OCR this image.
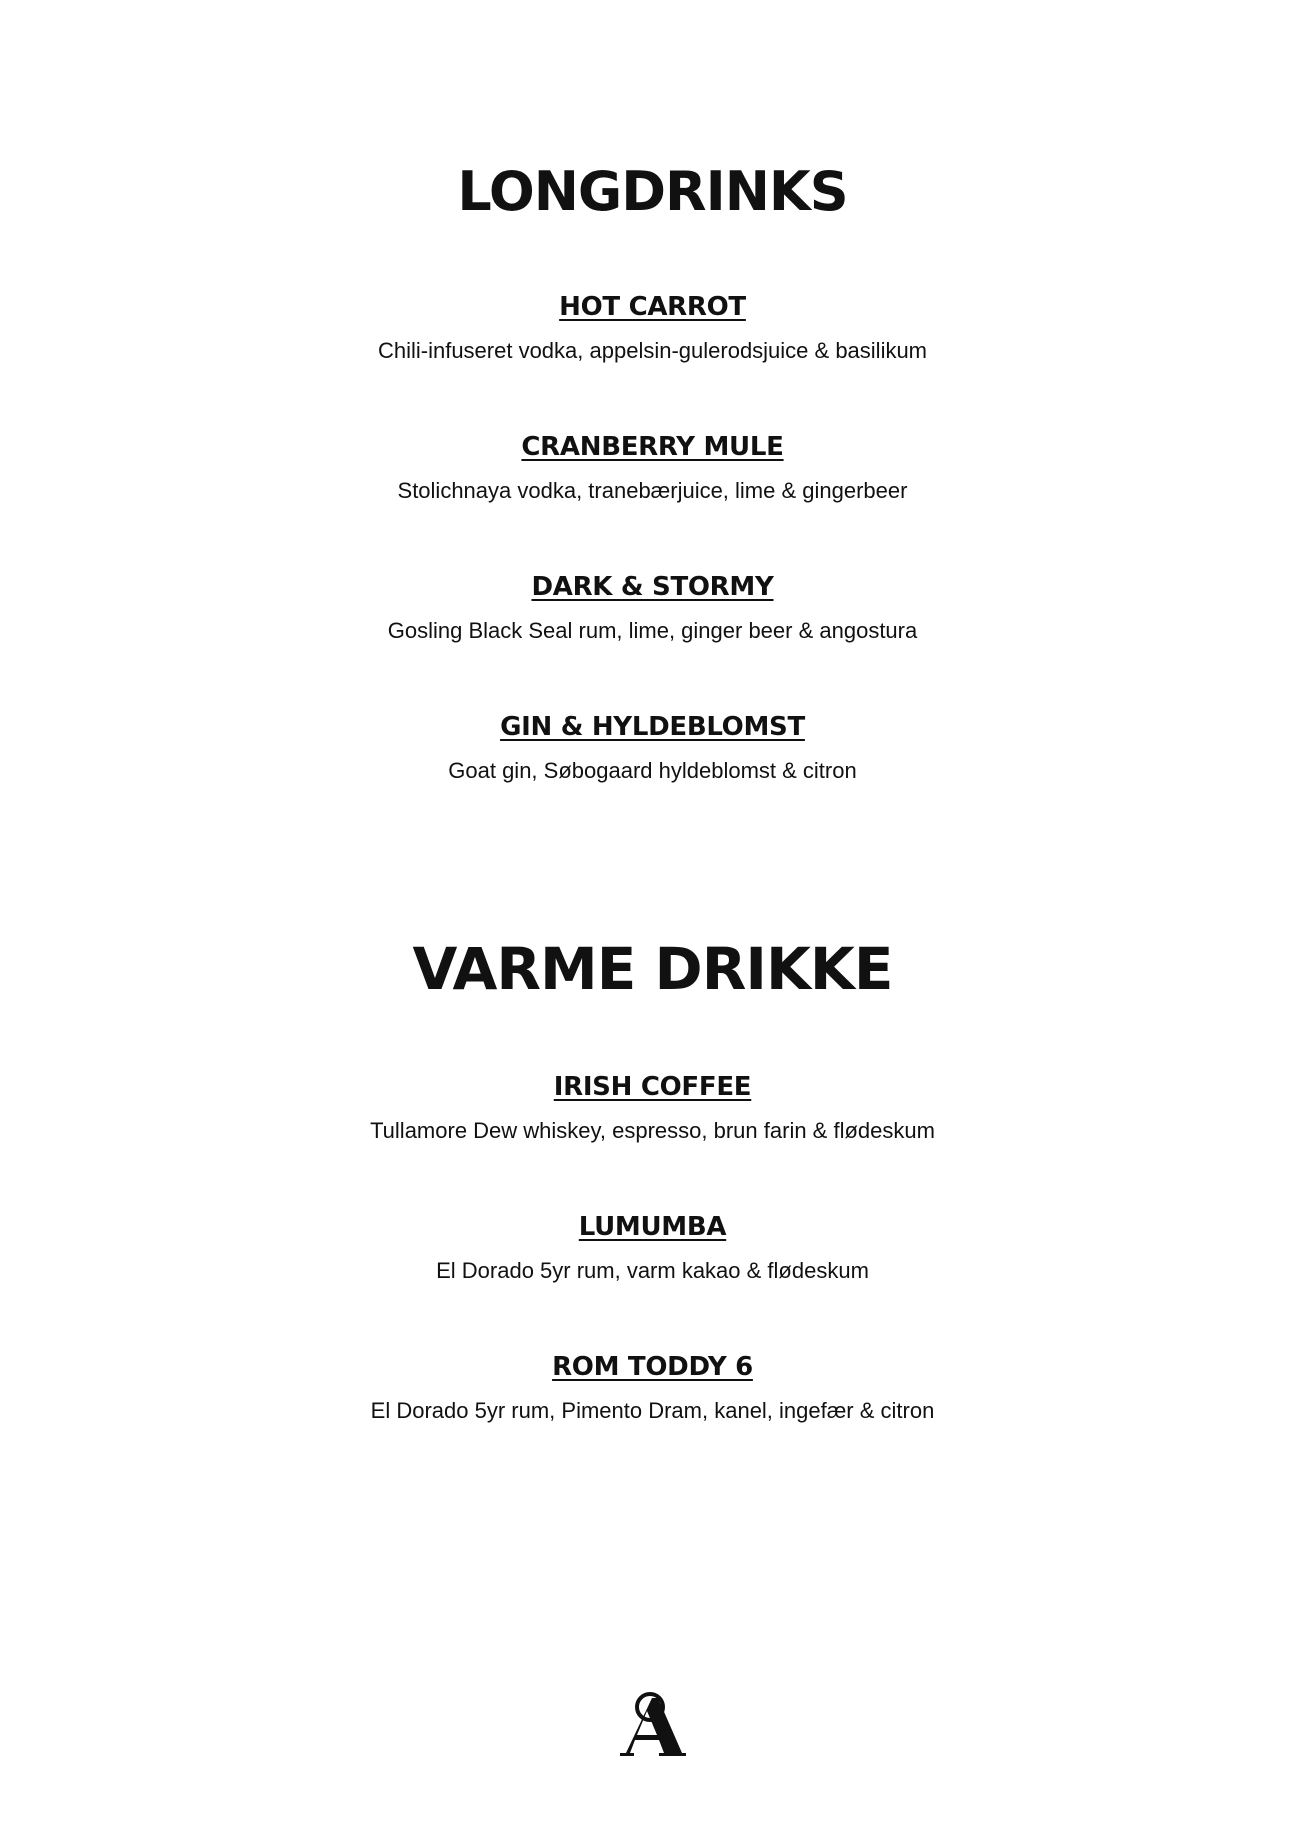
LONGDRINKS
HOT CARROT
Chili-infuseret vodka, appelsin-gulerodsjuice & basilikum
CRANBERRY MULE
Stolichnaya vodka, tranebærjuice, lime & gingerbeer
DARK & STORMY
Gosling Black Seal rum, lime, ginger beer & angostura
GIN & HYLDEBLOMST
Goat gin, Søbogaard hyldeblomst & citron
VARME DRIKKE
IRISH COFFEE
Tullamore Dew whiskey, espresso, brun farin & flødeskum
LUMUMBA
El Dorado 5yr rum, varm kakao & flødeskum
ROM TODDY 6
El Dorado 5yr rum, Pimento Dram, kanel, ingefær & citron
